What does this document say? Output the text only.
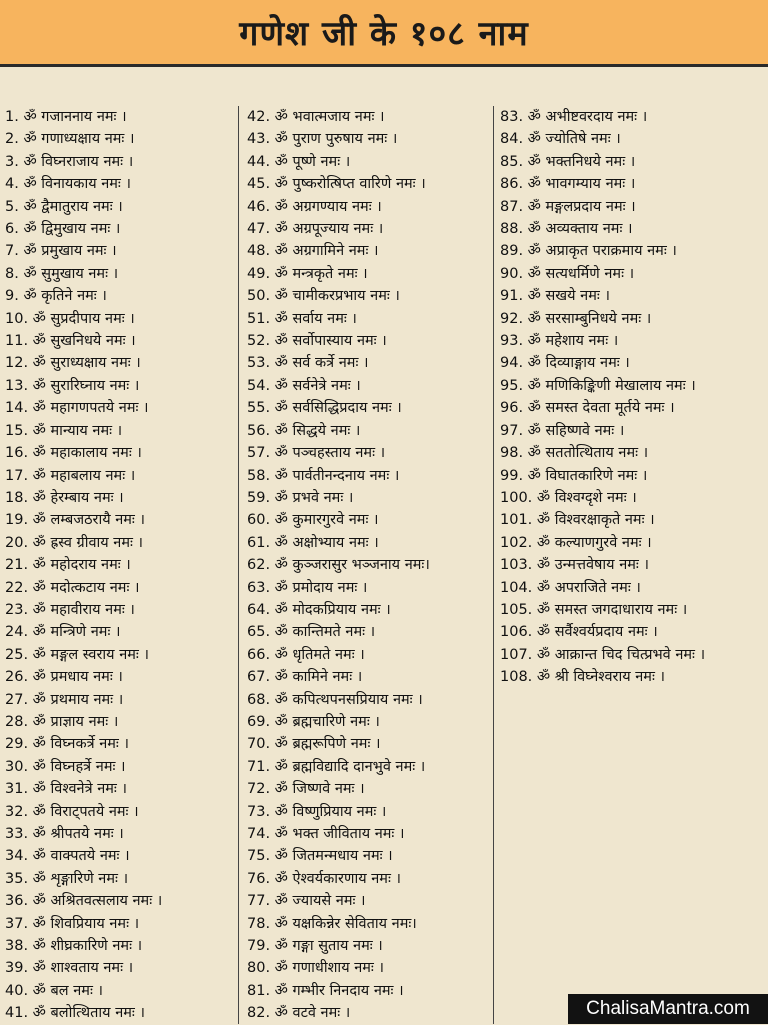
गणेश जी के १०८ नाम
1. ॐ गजाननाय नमः ।
2. ॐ गणाध्यक्षाय नमः ।
3. ॐ विघ्नराजाय नमः ।
4. ॐ विनायकाय नमः ।
5. ॐ द्वैमातुराय नमः ।
6. ॐ द्विमुखाय नमः ।
7. ॐ प्रमुखाय नमः ।
8. ॐ सुमुखाय नमः ।
9. ॐ कृतिने नमः ।
10. ॐ सुप्रदीपाय नमः ।
11. ॐ सुखनिधये नमः ।
12. ॐ सुराध्यक्षाय नमः ।
13. ॐ सुरारिघ्नाय नमः ।
14. ॐ महागणपतये नमः ।
15. ॐ मान्याय नमः ।
16. ॐ महाकालाय नमः ।
17. ॐ महाबलाय नमः ।
18. ॐ हेरम्बाय नमः ।
19. ॐ लम्बजठरायै नमः ।
20. ॐ ह्रस्व ग्रीवाय नमः ।
21. ॐ महोदराय नमः ।
22. ॐ मदोत्कटाय नमः ।
23. ॐ महावीराय नमः ।
24. ॐ मन्त्रिणे नमः ।
25. ॐ मङ्गल स्वराय नमः ।
26. ॐ प्रमधाय नमः ।
27. ॐ प्रथमाय नमः ।
28. ॐ प्राज्ञाय नमः ।
29. ॐ विघ्नकर्त्रे नमः ।
30. ॐ विघ्नहर्त्रे नमः ।
31. ॐ विश्वनेत्रे नमः ।
32. ॐ विराट्पतये नमः ।
33. ॐ श्रीपतये नमः ।
34. ॐ वाक्पतये नमः ।
35. ॐ शृङ्गारिणे नमः ।
36. ॐ अश्रितवत्सलाय नमः ।
37. ॐ शिवप्रियाय नमः ।
38. ॐ शीघ्रकारिणे नमः ।
39. ॐ शाश्वताय नमः ।
40. ॐ बल नमः ।
41. ॐ बलोत्थिताय नमः ।
42. ॐ भवात्मजाय नमः ।
43. ॐ पुराण पुरुषाय नमः ।
44. ॐ पूष्णे नमः ।
45. ॐ पुष्करोत्षिप्त वारिणे नमः ।
46. ॐ अग्रगण्याय नमः ।
47. ॐ अग्रपूज्याय नमः ।
48. ॐ अग्रगामिने नमः ।
49. ॐ मन्त्रकृते नमः ।
50. ॐ चामीकरप्रभाय नमः ।
51. ॐ सर्वाय नमः ।
52. ॐ सर्वोपास्याय नमः ।
53. ॐ सर्व कर्त्रे नमः ।
54. ॐ सर्वनेत्रे नमः ।
55. ॐ सर्वसिद्धिप्रदाय नमः ।
56. ॐ सिद्धये नमः ।
57. ॐ पञ्चहस्ताय नमः ।
58. ॐ पार्वतीनन्दनाय नमः ।
59. ॐ प्रभवे नमः ।
60. ॐ कुमारगुरवे नमः ।
61. ॐ अक्षोभ्याय नमः ।
62. ॐ कुञ्जरासुर भञ्जनाय नमः।
63. ॐ प्रमोदाय नमः ।
64. ॐ मोदकप्रियाय नमः ।
65. ॐ कान्तिमते नमः ।
66. ॐ धृतिमते नमः ।
67. ॐ कामिने नमः ।
68. ॐ कपित्थपनसप्रियाय नमः ।
69. ॐ ब्रह्मचारिणे नमः ।
70. ॐ ब्रह्मरूपिणे नमः ।
71. ॐ ब्रह्मविद्यादि दानभुवे नमः ।
72. ॐ जिष्णवे नमः ।
73. ॐ विष्णुप्रियाय नमः ।
74. ॐ भक्त जीविताय नमः ।
75. ॐ जितमन्मधाय नमः ।
76. ॐ ऐश्वर्यकारणाय नमः ।
77. ॐ ज्यायसे नमः ।
78. ॐ यक्षकिन्नेर सेविताय नमः।
79. ॐ गङ्गा सुताय नमः ।
80. ॐ गणाधीशाय नमः ।
81. ॐ गम्भीर निनदाय नमः ।
82. ॐ वटवे नमः ।
83. ॐ अभीष्टवरदाय नमः ।
84. ॐ ज्योतिषे नमः ।
85. ॐ भक्तनिधये नमः ।
86. ॐ भावगम्याय नमः ।
87. ॐ मङ्गलप्रदाय नमः ।
88. ॐ अव्यक्ताय नमः ।
89. ॐ अप्राकृत पराक्रमाय नमः ।
90. ॐ सत्यधर्मिणे नमः ।
91. ॐ सखये नमः ।
92. ॐ सरसाम्बुनिधये नमः ।
93. ॐ महेशाय नमः ।
94. ॐ दिव्याङ्गाय नमः ।
95. ॐ मणिकिङ्किणी मेखालाय नमः ।
96. ॐ समस्त देवता मूर्तये नमः ।
97. ॐ सहिष्णवे नमः ।
98. ॐ सततोत्थिताय नमः ।
99. ॐ विघातकारिणे नमः ।
100. ॐ विश्वग्दृशे नमः ।
101. ॐ विश्वरक्षाकृते नमः ।
102. ॐ कल्याणगुरवे नमः ।
103. ॐ उन्मत्तवेषाय नमः ।
104. ॐ अपराजिते नमः ।
105. ॐ समस्त जगदाधाराय नमः ।
106. ॐ सर्वैश्वर्यप्रदाय नमः ।
107. ॐ आक्रान्त चिद चित्प्रभवे नमः ।
108. ॐ श्री विघ्नेश्वराय नमः ।
ChalisaMantra.com
